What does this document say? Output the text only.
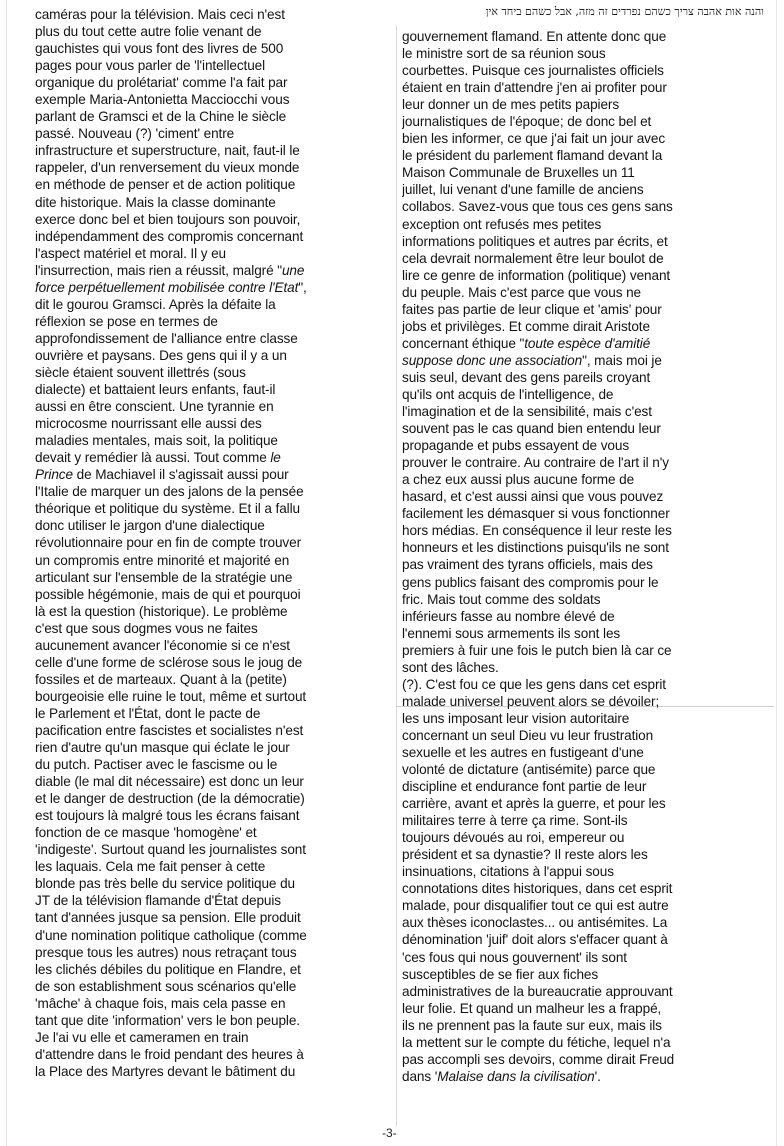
והנה אות אהבה צריך כשהם נפרדים זה מזה, אבל כשהם ביחד אין
caméras pour la télévision. Mais ceci n'est
plus du tout cette autre folie venant de
gauchistes qui vous font des livres de 500
pages pour vous parler de 'l'intellectuel
organique du prolétariat' comme l'a fait par
exemple Maria-Antonietta Macciocchi vous
parlant de Gramsci et de la Chine le siècle
passé. Nouveau (?) 'ciment' entre
infrastructure et superstructure, nait, faut-il le
rappeler, d'un renversement du vieux monde
en méthode de penser et de action politique
dite historique. Mais la classe dominante
exerce donc bel et bien toujours son pouvoir,
indépendamment des compromis concernant
l'aspect matériel et moral. Il y eu
l'insurrection, mais rien a réussit, malgré "une
force perpétuellement mobilisée contre l'Etat",
dit le gourou Gramsci. Après la défaite la
réflexion se pose en termes de
approfondissement de l'alliance entre classe
ouvrière et paysans. Des gens qui il y a un
siècle étaient souvent illettrés (sous
dialecte) et battaient leurs enfants, faut-il
aussi en être conscient. Une tyrannie en
microcosme nourrissant elle aussi des
maladies mentales, mais soit, la politique
devait y remédier là aussi. Tout comme le
Prince de Machiavel il s'agissait aussi pour
l'Italie de marquer un des jalons de la pensée
théorique et politique du système. Et il a fallu
donc utiliser le jargon d'une dialectique
révolutionnaire pour en fin de compte trouver
un compromis entre minorité et majorité en
articulant sur l'ensemble de la stratégie une
possible hégémonie, mais de qui et pourquoi
là est la question (historique). Le problème
c'est que sous dogmes vous ne faites
aucunement avancer l'économie si ce n'est
celle d'une forme de sclérose sous le joug de
fossiles et de marteaux. Quant à la (petite)
bourgeoisie elle ruine le tout, même et surtout
le Parlement et l'État, dont le pacte de
pacification entre fascistes et socialistes n'est
rien d'autre qu'un masque qui éclate le jour
du putch. Pactiser avec le fascisme ou le
diable (le mal dit nécessaire) est donc un leur
et le danger de destruction (de la démocratie)
est toujours là malgré tous les écrans faisant
fonction de ce masque 'homogène' et
'indigeste'. Surtout quand les journalistes sont
les laquais. Cela me fait penser à cette
blonde pas très belle du service politique du
JT de la télévision flamande d'État depuis
tant d'années jusque sa pension. Elle produit
d'une nomination politique catholique (comme
presque tous les autres) nous retraçant tous
les clichés débiles du politique en Flandre, et
de son establishment sous scénarios qu'elle
'mâche' à chaque fois, mais cela passe en
tant que dite 'information' vers le bon peuple.
Je l'ai vu elle et cameramen en train
d'attendre dans le froid pendant des heures à
la Place des Martyres devant le bâtiment du
gouvernement flamand. En attente donc que
le ministre sort de sa réunion sous
courbettes. Puisque ces journalistes officiels
étaient en train d'attendre j'en ai profiter pour
leur donner un de mes petits papiers
journalistiques de l'époque; de donc bel et
bien les informer, ce que j'ai fait un jour avec
le président du parlement flamand devant la
Maison Communale de Bruxelles un 11
juillet, lui venant d'une famille de anciens
collabos. Savez-vous que tous ces gens sans
exception ont refusés mes petites
informations politiques et autres par écrits, et
cela devrait normalement être leur boulot de
lire ce genre de information (politique) venant
du peuple. Mais c'est parce que vous ne
faites pas partie de leur clique et 'amis' pour
jobs et privilèges. Et comme dirait Aristote
concernant éthique "toute espèce d'amitié
suppose donc une association", mais moi je
suis seul, devant des gens pareils croyant
qu'ils ont acquis de l'intelligence, de
l'imagination et de la sensibilité, mais c'est
souvent pas le cas quand bien entendu leur
propagande et pubs essayent de vous
prouver le contraire. Au contraire de l'art il n'y
a chez eux aussi plus aucune forme de
hasard, et c'est aussi ainsi que vous pouvez
facilement les démasquer si vous fonctionner
hors médias. En conséquence il leur reste les
honneurs et les distinctions puisqu'ils ne sont
pas vraiment des tyrans officiels, mais des
gens publics faisant des compromis pour le
fric. Mais tout comme des soldats
inférieurs fasse au nombre élevé de
l'ennemi sous armements ils sont les
premiers à fuir une fois le putch bien là car ce
sont des lâches.
(?). C'est fou ce que les gens dans cet esprit
malade universel peuvent alors se dévoiler;
les uns imposant leur vision autoritaire
concernant un seul Dieu vu leur frustration
sexuelle et les autres en fustigeant d'une
volonté de dictature (antisémite) parce que
discipline et endurance font partie de leur
carrière, avant et après la guerre, et pour les
militaires terre à terre ça rime. Sont-ils
toujours dévoués au roi, empereur ou
président et sa dynastie? Il reste alors les
insinuations, citations à l'appui sous
connotations dites historiques, dans cet esprit
malade, pour disqualifier tout ce qui est autre
aux thèses iconoclastes... ou antisémites. La
dénomination 'juif' doit alors s'effacer quant à
'ces fous qui nous gouvernent' ils sont
susceptibles de se fier aux fiches
administratives de la bureaucratie approuvant
leur folie. Et quand un malheur les a frappé,
ils ne prennent pas la faute sur eux, mais ils
la mettent sur le compte du fétiche, lequel n'a
pas accompli ses devoirs, comme dirait Freud
dans 'Malaise dans la civilisation'.
-3-
